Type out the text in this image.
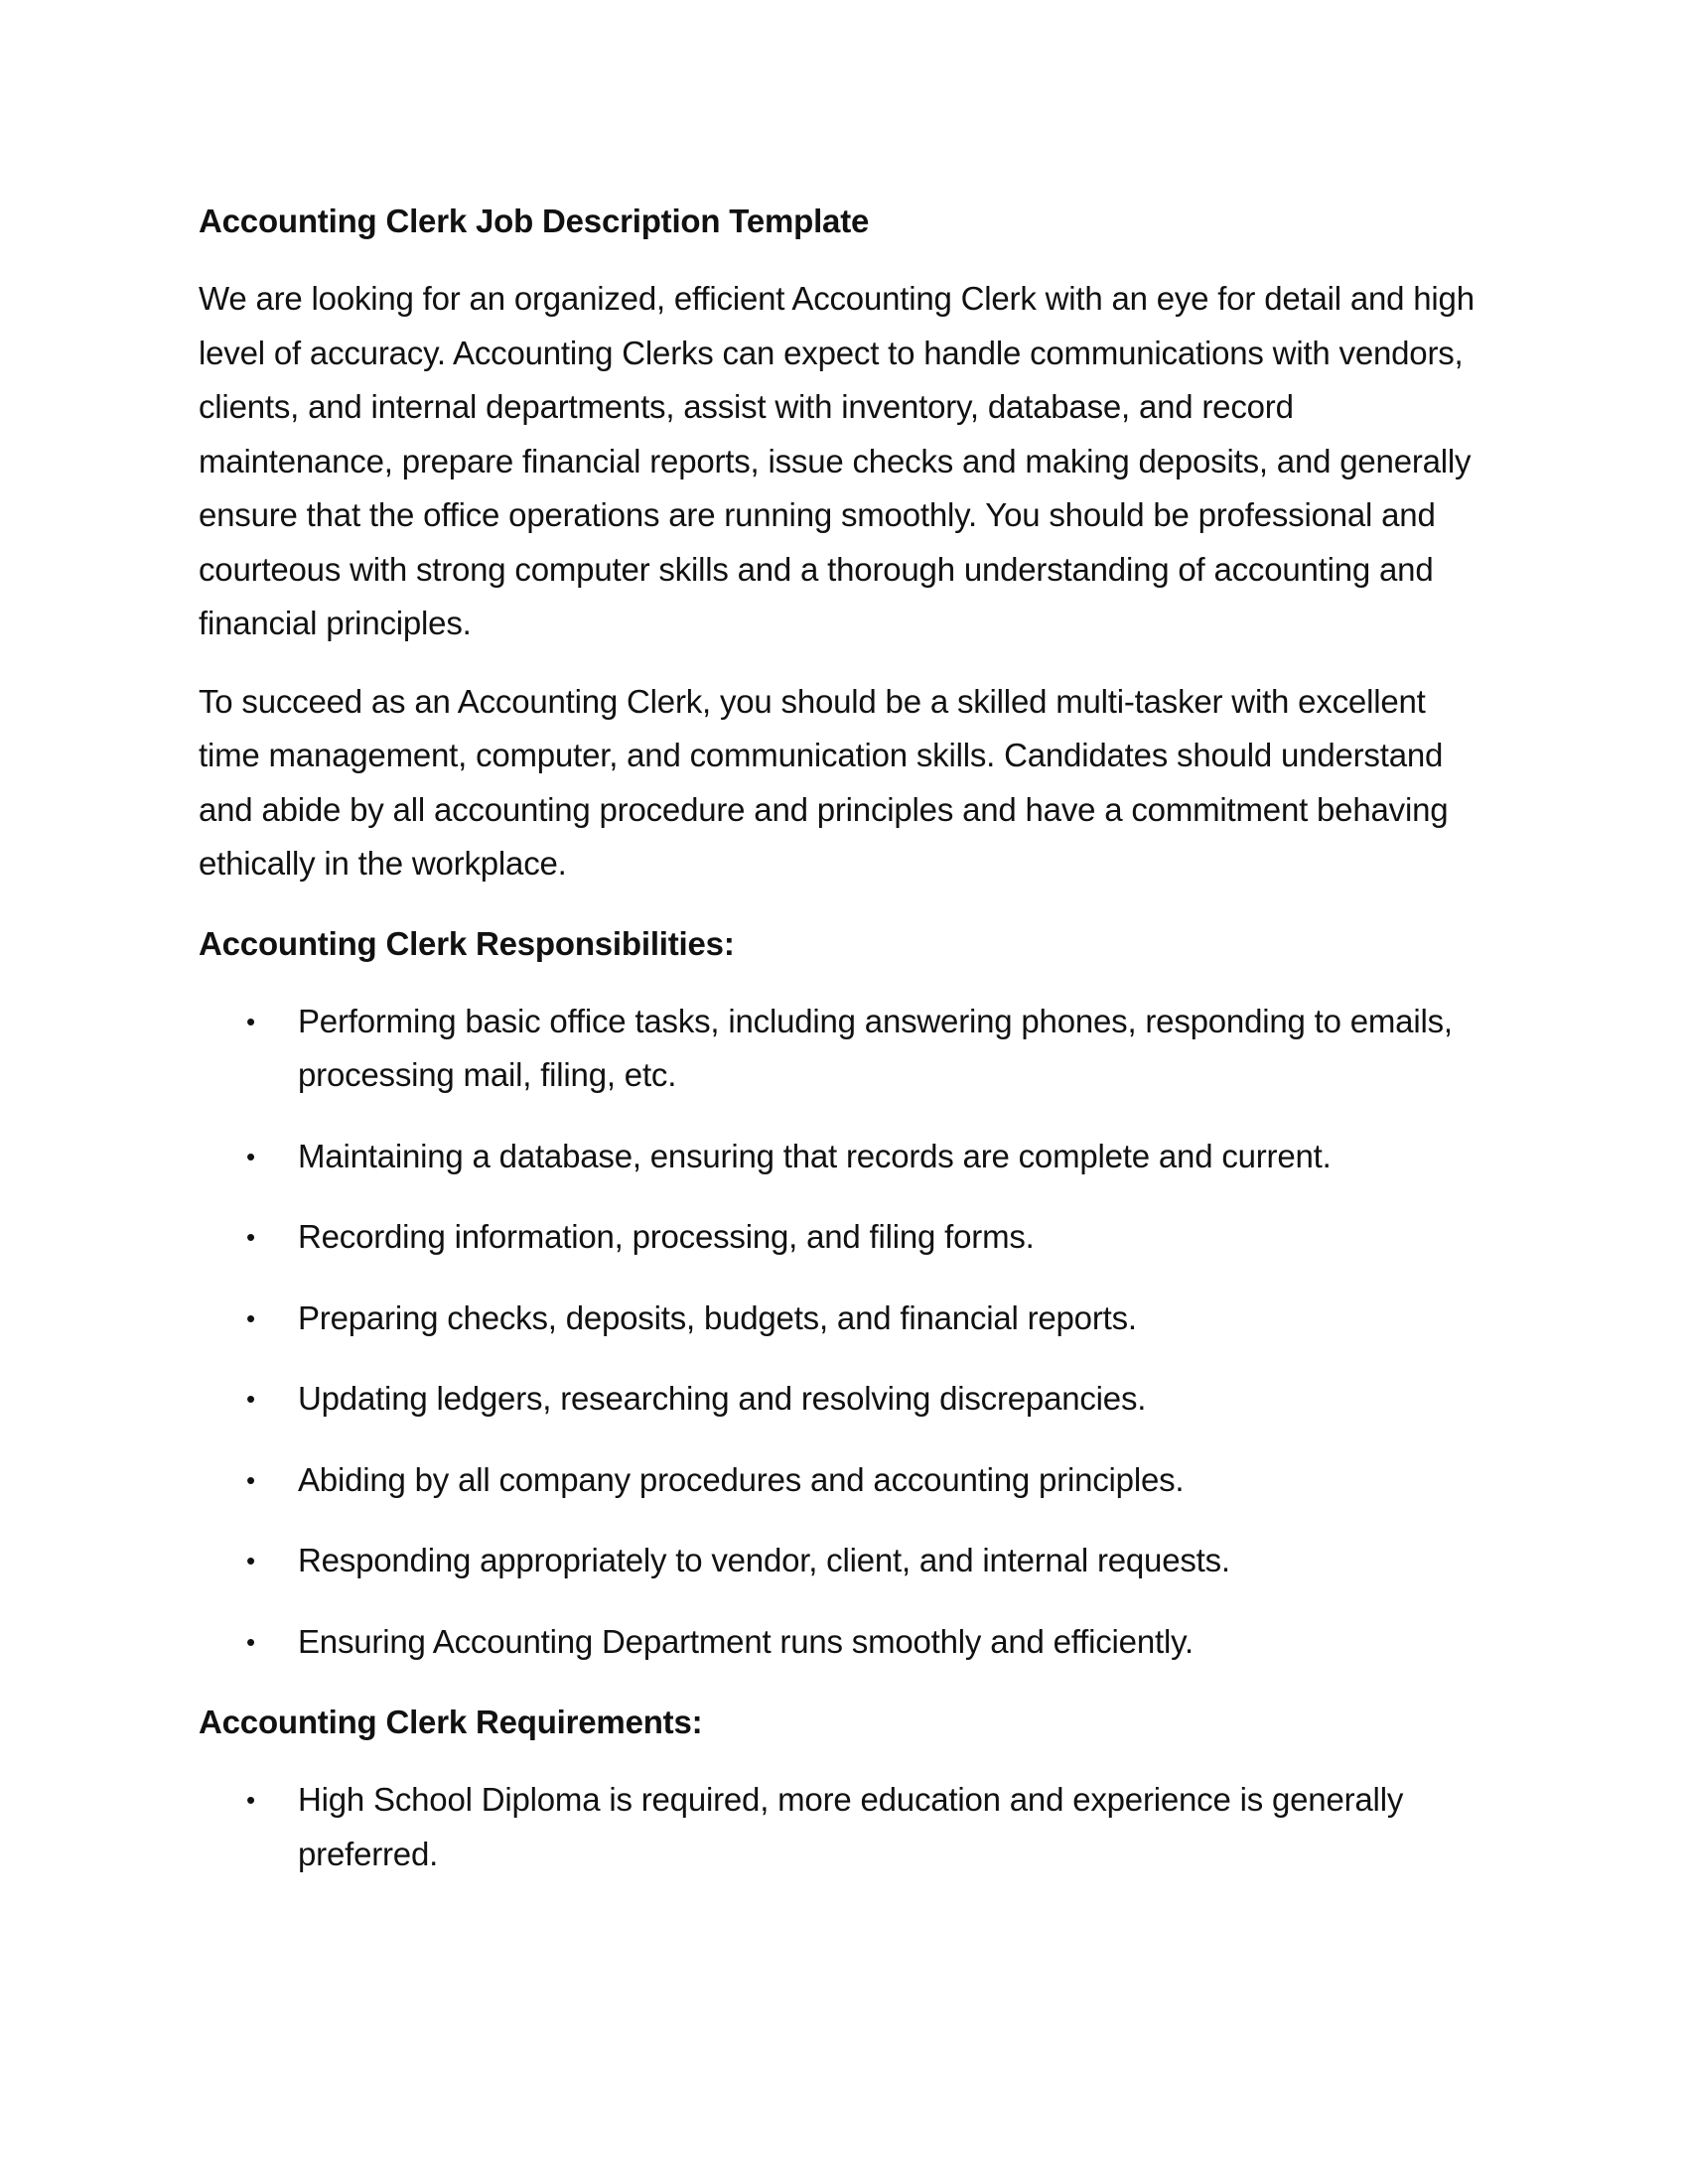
Accounting Clerk Job Description Template

We are looking for an organized, efficient Accounting Clerk with an eye for detail and high level of accuracy. Accounting Clerks can expect to handle communications with vendors, clients, and internal departments, assist with inventory, database, and record maintenance, prepare financial reports, issue checks and making deposits, and generally ensure that the office operations are running smoothly. You should be professional and courteous with strong computer skills and a thorough understanding of accounting and financial principles.

To succeed as an Accounting Clerk, you should be a skilled multi-tasker with excellent time management, computer, and communication skills. Candidates should understand and abide by all accounting procedure and principles and have a commitment behaving ethically in the workplace.

Accounting Clerk Responsibilities:
• Performing basic office tasks, including answering phones, responding to emails, processing mail, filing, etc.
• Maintaining a database, ensuring that records are complete and current.
• Recording information, processing, and filing forms.
• Preparing checks, deposits, budgets, and financial reports.
• Updating ledgers, researching and resolving discrepancies.
• Abiding by all company procedures and accounting principles.
• Responding appropriately to vendor, client, and internal requests.
• Ensuring Accounting Department runs smoothly and efficiently.
Accounting Clerk Requirements:
• High School Diploma is required, more education and experience is generally preferred.
